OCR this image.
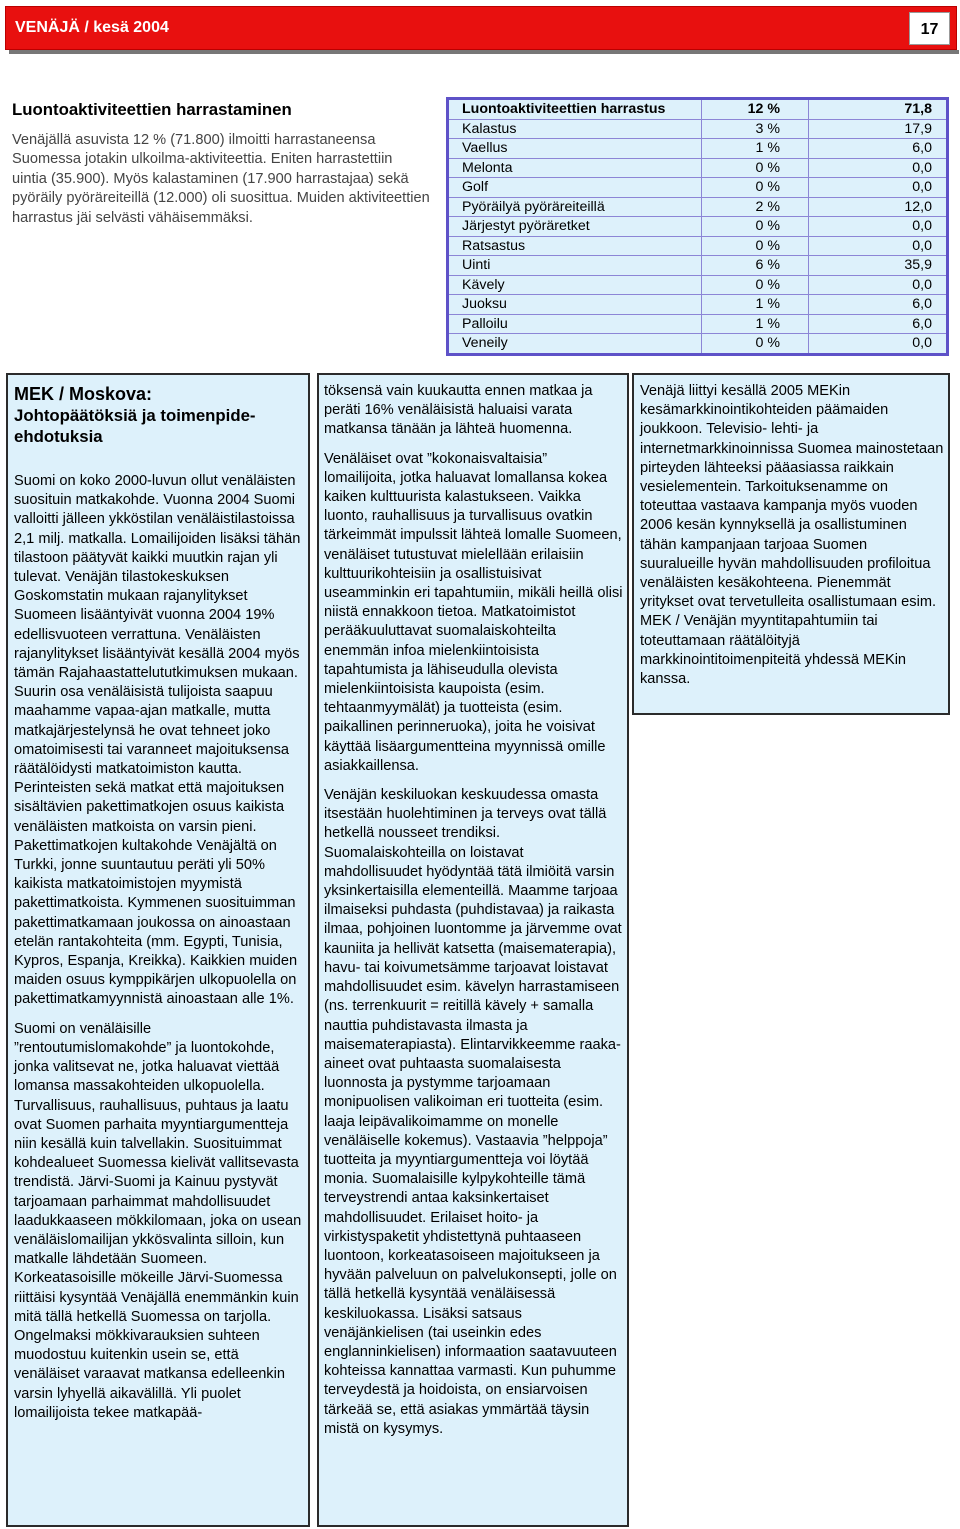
VENÄJÄ / kesä 2004	17
Luontoaktiviteettien harrastaminen

Venäjällä asuvista 12 % (71.800) ilmoitti harrastaneensa Suomessa jotakin ulkoilma-aktiviteettia. Eniten harrastettiin uintia (35.900). Myös kalastaminen (17.900 harrastajaa) sekä pyöräily pyöräreiteillä (12.000) oli suosittua. Muiden aktiviteettien harrastus jäi selvästi vähäisemmäksi.

Luontoaktiviteettien harrastus	12 %	71,8
Kalastus	3 %	17,9
Vaellus	1 %	6,0
Melonta	0 %	0,0
Golf	0 %	0,0
Pyöräilyä pyöräreiteillä	2 %	12,0
Järjestyt pyöräretket	0 %	0,0
Ratsastus	0 %	0,0
Uinti	6 %	35,9
Kävely	0 %	0,0
Juoksu	1 %	6,0
Palloilu	1 %	6,0
Veneily	0 %	0,0
MEK / Moskova:
Johtopäätöksiä ja toimenpide-ehdotuksia

Suomi on koko 2000-luvun ollut venäläisten suosituin matkakohde. Vuonna 2004 Suomi valloitti jälleen ykköstilan venäläistilastoissa 2,1 milj. matkalla. Lomailijoiden lisäksi tähän tilastoon päätyvät kaikki muutkin rajan yli tulevat. Venäjän tilastokeskuksen Goskomstatin mukaan rajanylitykset Suomeen lisääntyivät vuonna 2004 19% edellisvuoteen verrattuna. Venäläisten rajanylitykset lisääntyivät kesällä 2004 myös tämän Rajahaastattelututkimuksen mukaan. Suurin osa venäläisistä tulijoista saapuu maahamme vapaa-ajan matkalle, mutta matkajärjestelynsä he ovat tehneet joko omatoimisesti tai varanneet majoituksensa räätälöidysti matkatoimiston kautta. Perinteisten sekä matkat että majoituksen sisältävien pakettimatkojen osuus kaikista venäläisten matkoista on varsin pieni. Pakettimatkojen kultakohde Venäjältä on Turkki, jonne suuntautuu peräti yli 50% kaikista matkatoimistojen myymistä pakettimatkoista. Kymmenen suosituimman pakettimatkamaan joukossa on ainoastaan etelän rantakohteita (mm. Egypti, Tunisia, Kypros, Espanja, Kreikka). Kaikkien muiden maiden osuus kymppikärjen ulkopuolella on pakettimatkamyynnistä ainoastaan alle 1%.

Suomi on venäläisille ”rentoutumislomakohde” ja luontokohde, jonka valitsevat ne, jotka haluavat viettää lomansa massakohteiden ulkopuolella. Turvallisuus, rauhallisuus, puhtaus ja laatu ovat Suomen parhaita myyntiargumentteja niin kesällä kuin talvellakin. Suosituimmat kohdealueet Suomessa kielivät vallitsevasta trendistä. Järvi-Suomi ja Kainuu pystyvät tarjoamaan parhaimmat mahdollisuudet laadukkaaseen mökkilomaan, joka on usean venäläislomailijan ykkösvalinta silloin, kun matkalle lähdetään Suomeen. Korkeatasoisille mökeille Järvi-Suomessa riittäisi kysyntää Venäjällä enemmänkin kuin mitä tällä hetkellä Suomessa on tarjolla. Ongelmaksi mökkivarauksien suhteen muodostuu kuitenkin usein se, että venäläiset varaavat matkansa edelleenkin varsin lyhyellä aikavälillä. Yli puolet lomailijoista tekee matkapää-

töksensä vain kuukautta ennen matkaa ja peräti 16% venäläisistä haluaisi varata matkansa tänään ja lähteä huomenna.

Venäläiset ovat ”kokonaisvaltaisia” lomailijoita, jotka haluavat lomallansa kokea kaiken kulttuurista kalastukseen. Vaikka luonto, rauhallisuus ja turvallisuus ovatkin tärkeimmät impulssit lähteä lomalle Suomeen, venäläiset tutustuvat mielellään erilaisiin kulttuurikohteisiin ja osallistuisivat useamminkin eri tapahtumiin, mikäli heillä olisi niistä ennakkoon tietoa. Matkatoimistot perääkuuluttavat suomalaiskohteilta enemmän infoa mielenkiintoisista tapahtumista ja lähiseudulla olevista mielenkiintoisista kaupoista (esim. tehtaanmyymälät) ja tuotteista (esim. paikallinen perinneruoka), joita he voisivat käyttää lisäargumentteina myynnissä omille asiakkaillensa.

Venäjän keskiluokan keskuudessa omasta itsestään huolehtiminen ja terveys ovat tällä hetkellä nousseet trendiksi. Suomalaiskohteilla on loistavat mahdollisuudet hyödyntää tätä ilmiöitä varsin yksinkertaisilla elementeillä. Maamme tarjoaa ilmaiseksi puhdasta (puhdistavaa) ja raikasta ilmaa, pohjoinen luontomme ja järvemme ovat kauniita ja hellivät katsetta (maisematerapia), havu- tai koivumetsämme tarjoavat loistavat mahdollisuudet esim. kävelyn harrastamiseen (ns. terrenkuurit = reitillä kävely + samalla nauttia puhdistavasta ilmasta ja maisematerapiasta). Elintarvikkeemme raaka-aineet ovat puhtaasta suomalaisesta luonnosta ja pystymme tarjoamaan monipuolisen valikoiman eri tuotteita (esim. laaja leipävalikoimamme on monelle venäläiselle kokemus). Vastaavia ”helppoja” tuotteita ja myyntiargumentteja voi löytää monia. Suomalaisille kylpykohteille tämä terveystrendi antaa kaksinkertaiset mahdollisuudet. Erilaiset hoito- ja virkistyspaketit yhdistettynä puhtaaseen luontoon, korkeatasoiseen majoitukseen ja hyvään palveluun on palvelukonsepti, jolle on tällä hetkellä kysyntää venäläisessä keskiluokassa. Lisäksi satsaus venäjänkielisen (tai useinkin edes englanninkielisen) informaation saatavuuteen kohteissa kannattaa varmasti. Kun puhumme terveydestä ja hoidoista, on ensiarvoisen tärkeää se, että asiakas ymmärtää täysin mistä on kysymys.

Venäjä liittyi kesällä 2005 MEKin kesämarkkinointikohteiden päämaiden joukkoon. Televisio- lehti- ja internetmarkkinoinnissa Suomea mainostetaan pirteyden lähteeksi pääasiassa raikkain vesielementein. Tarkoituksenamme on toteuttaa vastaava kampanja myös vuoden 2006 kesän kynnyksellä ja osallistuminen tähän kampanjaan tarjoaa Suomen suuralueille hyvän mahdollisuuden profiloitua venäläisten kesäkohteena. Pienemmät yritykset ovat tervetulleita osallistumaan esim. MEK / Venäjän myyntitapahtumiin tai toteuttamaan räätälöityjä markkinointitoimenpiteitä yhdessä MEKin kanssa.
